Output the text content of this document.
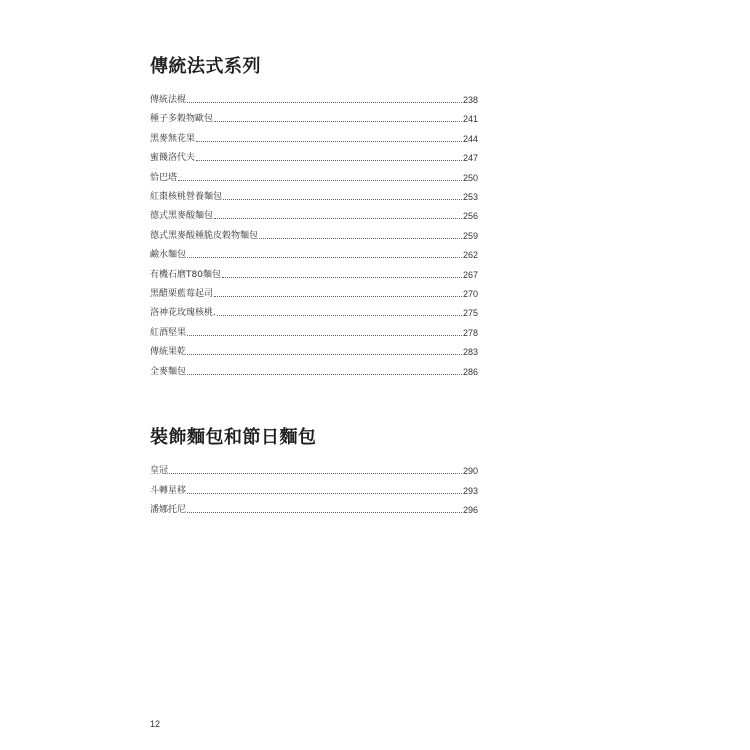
傳統法式系列
傳統法棍	238
種子多穀物歐包	241
黑麥無花果	244
蜜餞洛代夫	247
恰巴塔	250
紅棗核桃營養麵包	253
德式黑麥酸麵包	256
德式黑麥酸種脆皮穀物麵包	259
鹼水麵包	262
有機石磨T80麵包	267
黑醋栗藍莓起司	270
洛神花玫瑰核桃.	275
紅酒堅果	278
傳統果乾	283
全麥麵包	286
裝飾麵包和節日麵包
皇冠	290
斗轉星移	293
潘娜托尼	296
12
